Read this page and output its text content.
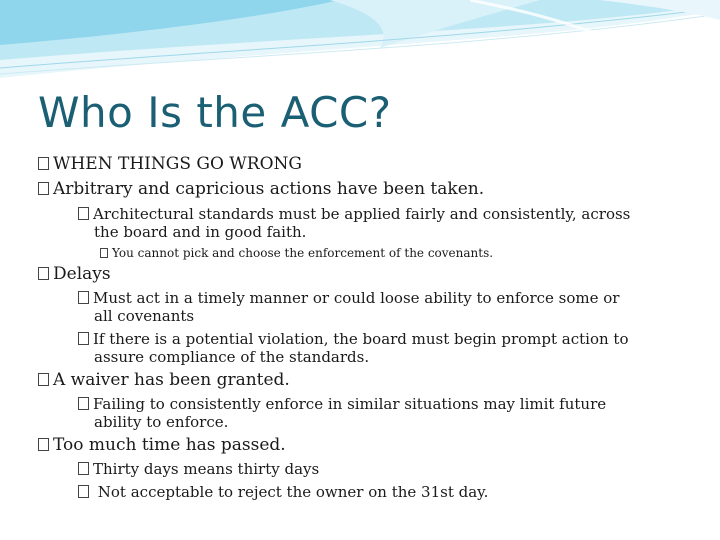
Who Is the ACC?
WHEN THINGS GO WRONG
Arbitrary and capricious actions have been taken.
Architectural standards must be applied fairly and consistently, across
the board and in good faith.
You cannot pick and choose the enforcement of the covenants.
Delays
Must act in a timely manner or could loose ability to enforce some or
all covenants
If there is a potential violation, the board must begin prompt action to
assure compliance of the standards.
A waiver has been granted.
Failing to consistently enforce in similar situations may limit future
ability to enforce.
Too much time has passed.
Thirty days means thirty days
Not acceptable to reject the owner on the 31st day.
